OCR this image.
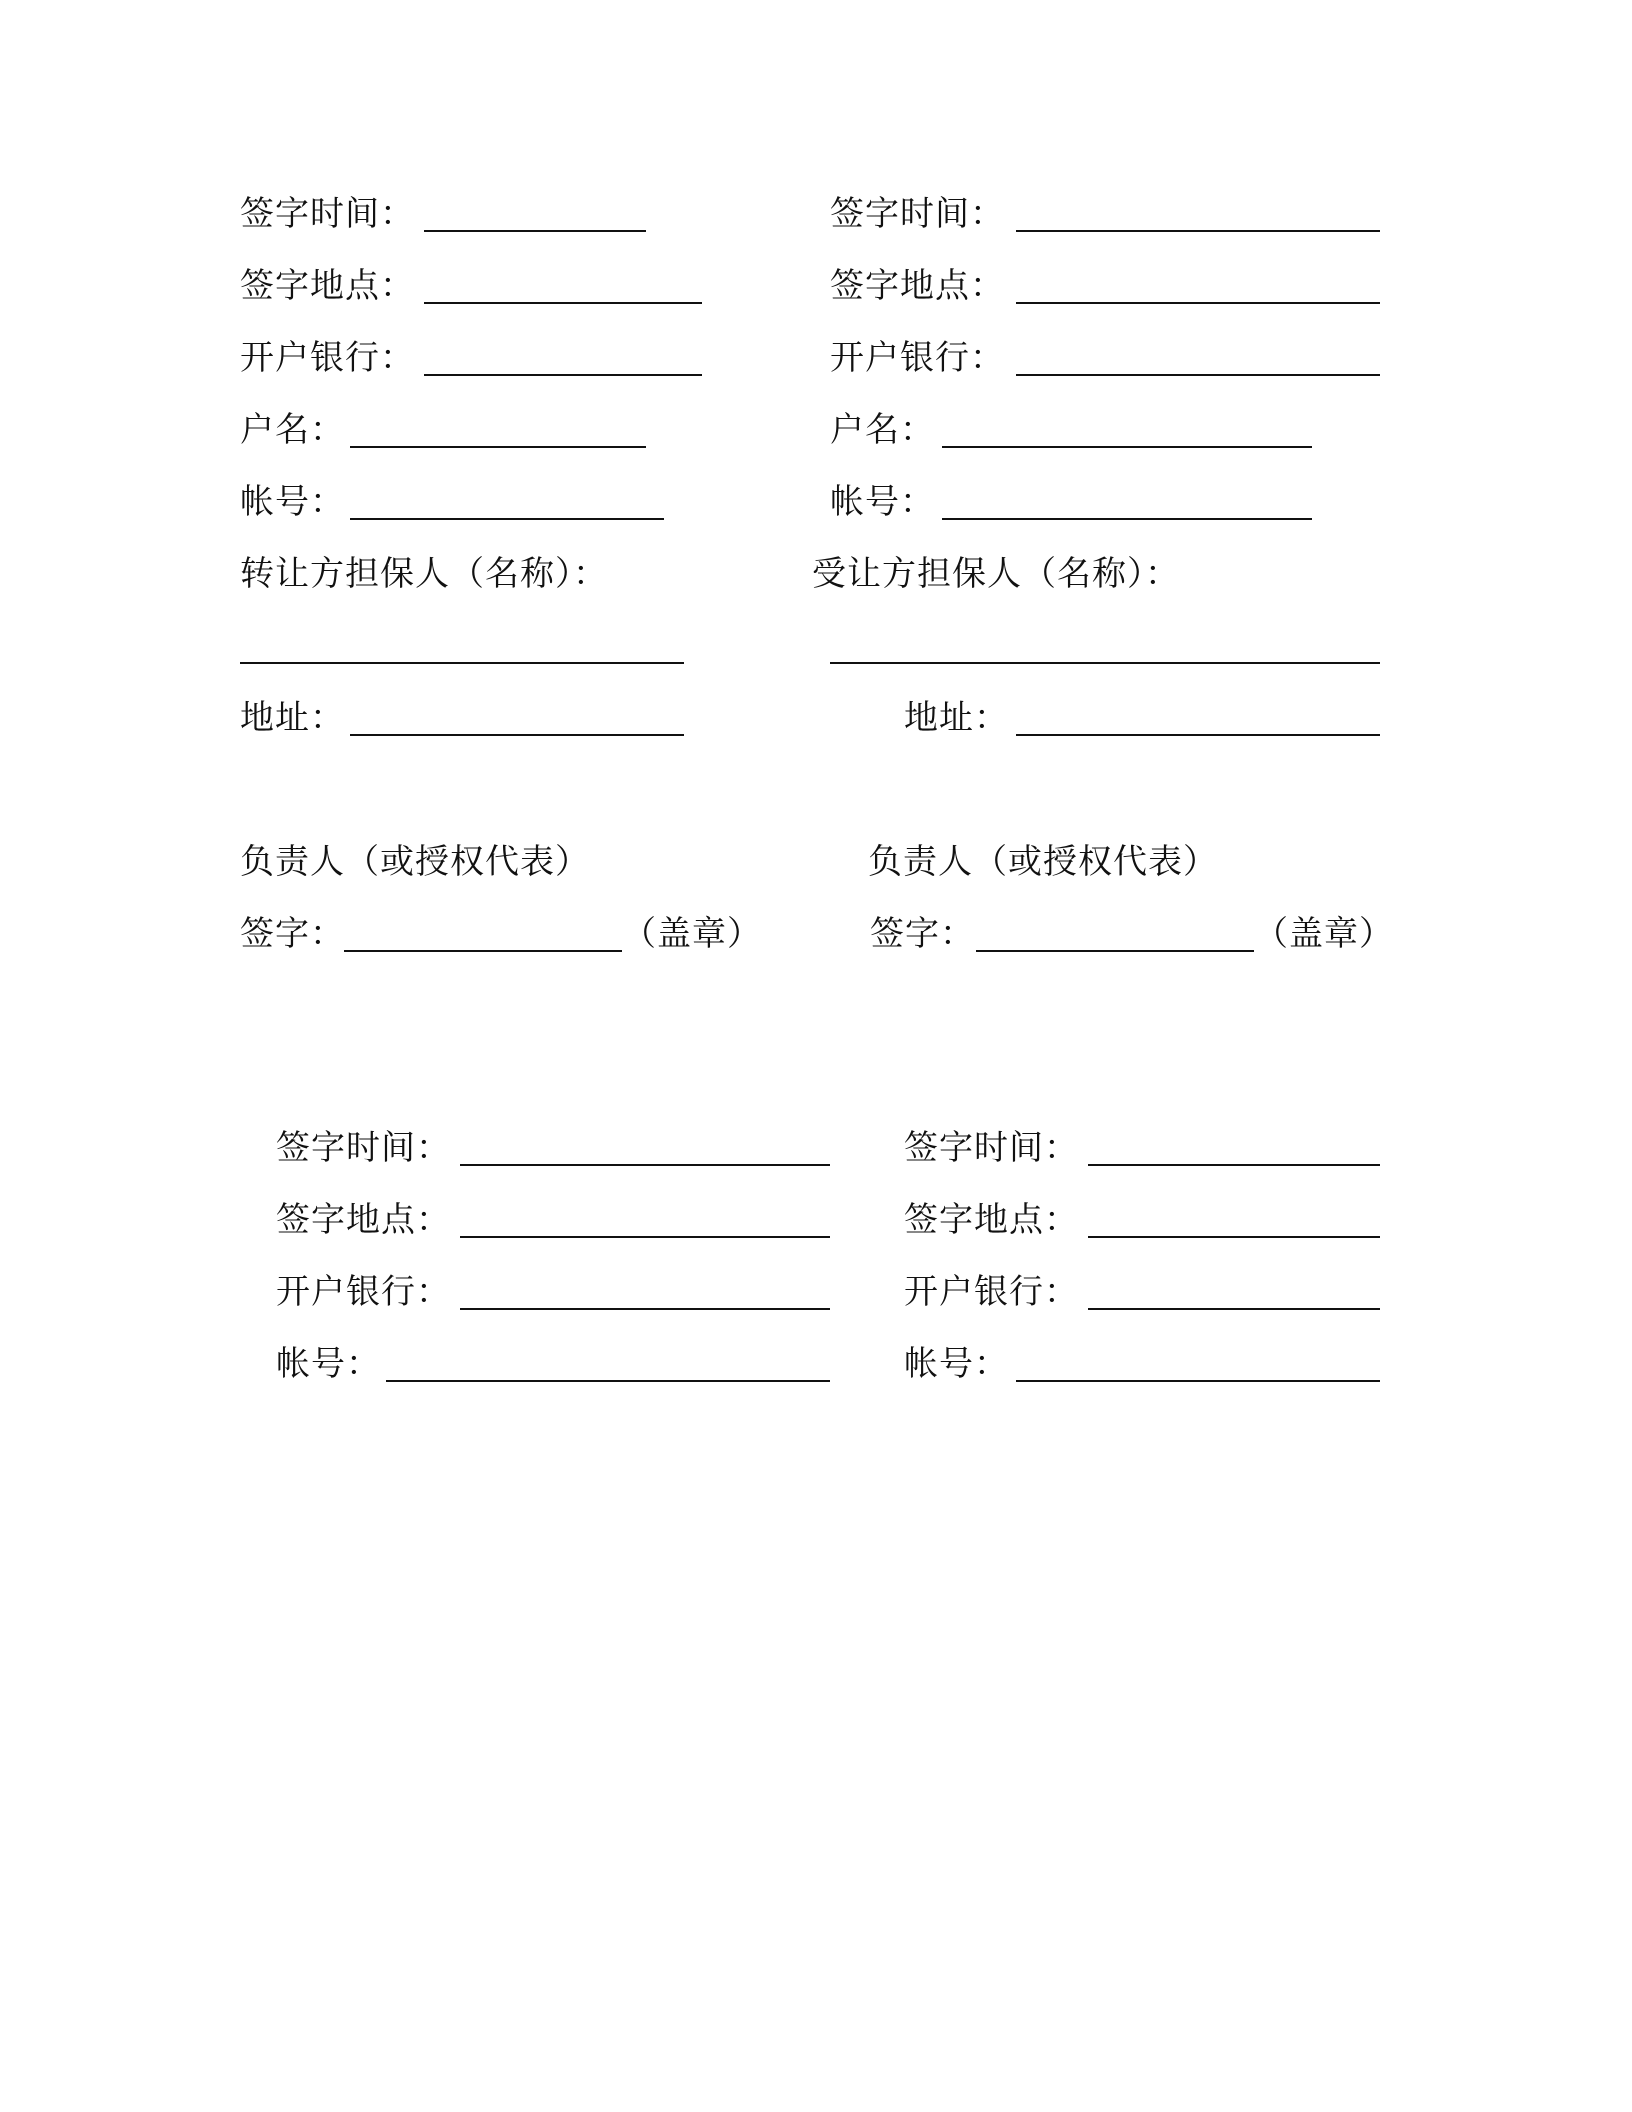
签字时间：
签字地点：
开户银行：
户名：
帐号：
转让方担保人（名称）：
地址：
签字时间：
签字地点：
开户银行：
户名：
帐号：
受让方担保人（名称）：
地址：
负责人（或授权代表）
签字：	（盖章）
负责人（或授权代表）
签字：	（盖章）
签字时间：
签字地点：
开户银行：
帐号：
签字时间：
签字地点：
开户银行：
帐号：
